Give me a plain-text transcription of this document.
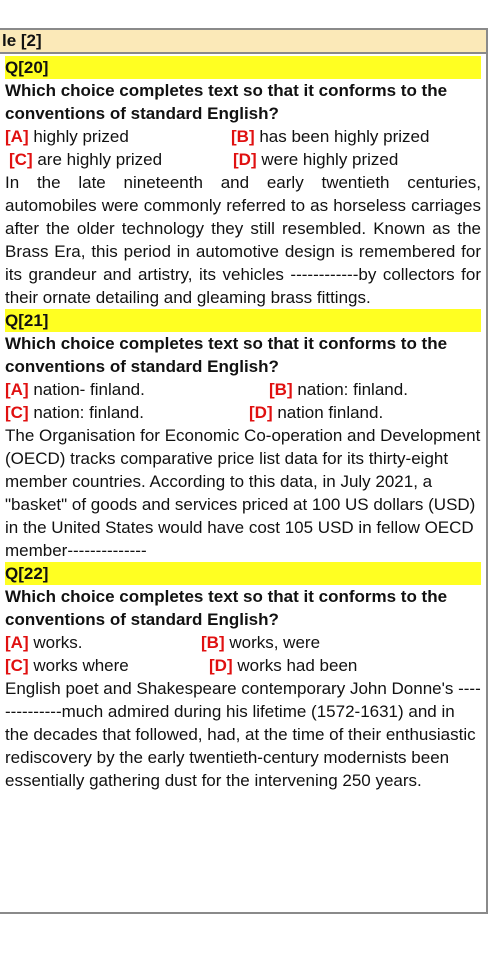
le [2]
Q[20]
Which choice completes text so that it conforms to the conventions of standard English?
[A] highly prized	[B] has been highly prized
[C] are highly prized	[D] were highly prized
In the late nineteenth and early twentieth centuries, automobiles were commonly referred to as horseless carriages after the older technology they still resembled. Known as the Brass Era, this period in automotive design is remembered for its grandeur and artistry, its vehicles ------------by collectors for their ornate detailing and gleaming brass fittings.
Q[21]
Which choice completes text so that it conforms to the conventions of standard English?
[A] nation- finland.	[B] nation: finland.
[C] nation: finland.	[D] nation finland.
The Organisation for Economic Co-operation and Development (OECD) tracks comparative price list data for its thirty-eight member countries. According to this data, in July 2021, a "basket" of goods and services priced at 100 US dollars (USD) in the United States would have cost 105 USD in fellow OECD member--------------
Q[22]
Which choice completes text so that it conforms to the conventions of standard English?
[A] works.	[B] works, were
[C] works where	[D] works had been
English poet and Shakespeare contemporary John Donne's --------------much admired during his lifetime (1572-1631) and in the decades that followed, had, at the time of their enthusiastic rediscovery by the early twentieth-century modernists been essentially gathering dust for the intervening 250 years.
